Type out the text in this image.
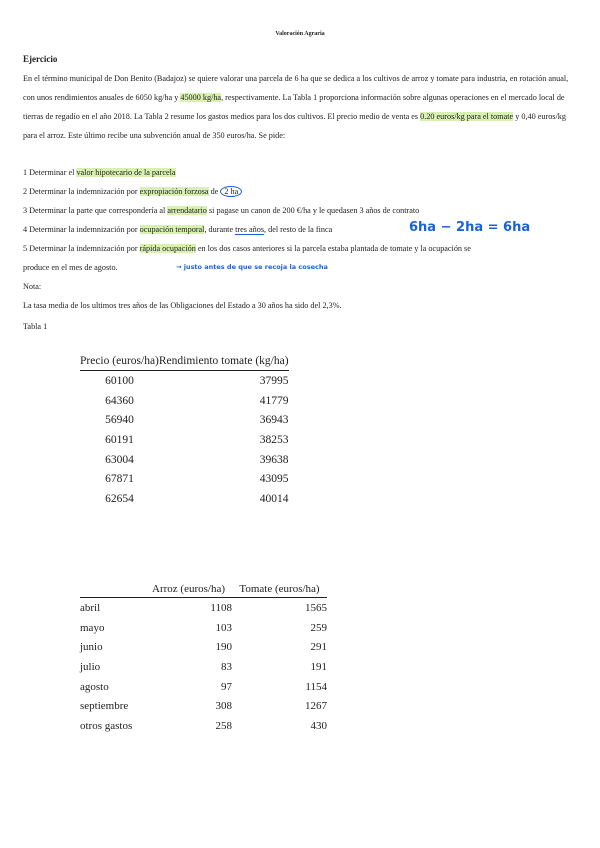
Valoración Agraria
Ejercicio
En el término municipal de Don Benito (Badajoz) se quiere valorar una parcela de 6 ha que se dedica a los cultivos de arroz y tomate para industria, en rotación anual, con unos rendimientos anuales de 6050 kg/ha y 45000 kg/ha, respectivamente. La Tabla 1 proporciona información sobre algunas operaciones en el mercado local de tierras de regadío en el año 2018. La Tabla 2 resume los gastos medios para los dos cultivos. El precio medio de venta es 0.20 euros/kg para el tomate y 0,40 euros/kg para el arroz. Este último recibe una subvención anual de 350 euros/ha. Se pide:
1 Determinar el valor hipotecario de la parcela
2 Determinar la indemnización por expropiación forzosa de 2 ha
3 Determinar la parte que correspondería al arrendatario si pagase un canon de 200 €/ha y le quedasen 3 años de contrato
4 Determinar la indemnización por ocupación temporal, durante tres años, del resto de la finca	6ha − 2ha = 6ha
5 Determinar la indemnización por rápida ocupación en los dos casos anteriores si la parcela estaba plantada de tomate y la ocupación se
produce en el mes de agosto.	→ justo antes de que se recoja la cosecha
Nota:
La tasa media de los ultimos tres años de las Obligaciones del Estado a 30 años ha sido del 2,3%.
Tabla 1
Precio (euros/ha)	Rendimiento tomate (kg/ha)
60100	37995
64360	41779
56940	36943
60191	38253
63004	39638
67871	43095
62654	40014
	Arroz (euros/ha)	Tomate (euros/ha)
abril	1108	1565
mayo	103	259
junio	190	291
julio	83	191
agosto	97	1154
septiembre	308	1267
otros gastos	258	430
